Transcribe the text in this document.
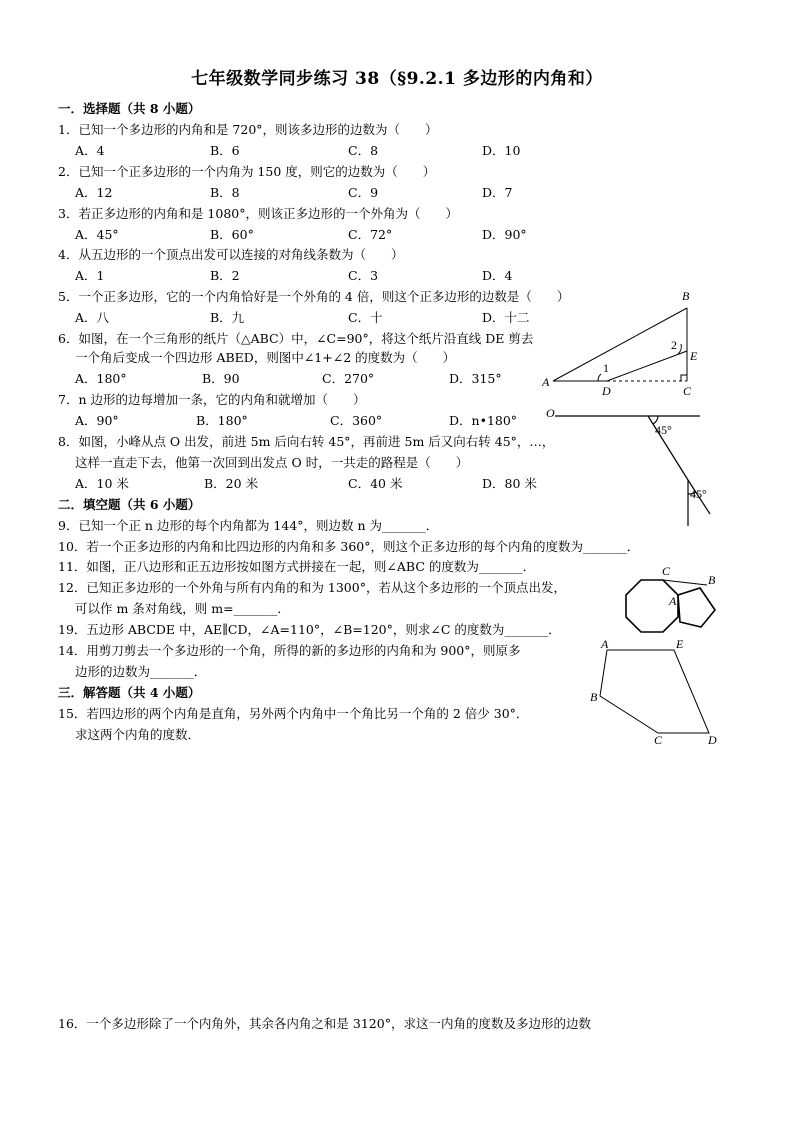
七年级数学同步练习 38（§9.2.1 多边形的内角和）
一．选择题（共 8 小题）
1．已知一个多边形的内角和是 720°，则该多边形的边数为（　　）
A．4	B．6	C．8	D．10
2．已知一个正多边形的一个内角为 150 度，则它的边数为（　　）
A．12	B．8	C．9	D．7
3．若正多边形的内角和是 1080°，则该正多边形的一个外角为（　　）
A．45°	B．60°	C．72°	D．90°
4．从五边形的一个顶点出发可以连接的对角线条数为（　　）
A．1	B．2	C．3	D．4
5．一个正多边形，它的一个内角恰好是一个外角的 4 倍，则这个正多边形的边数是（　　）
A．八	B．九	C．十	D．十二
6．如图，在一个三角形的纸片（△ABC）中，∠C=90°，将这个纸片沿直线 DE 剪去
一个角后变成一个四边形 ABED，则图中∠1+∠2 的度数为（　　）
A．180°	B．90	C．270°	D．315°
7．n 边形的边每增加一条，它的内角和就增加（　　）
A．90°	B．180°	C．360°	D．n•180°
8．如图，小峰从点 O 出发，前进 5m 后向右转 45°，再前进 5m 后又向右转 45°，…，
这样一直走下去，他第一次回到出发点 O 时，一共走的路程是（　　）
A．10 米	B．20 米	C．40 米	D．80 米
二．填空题（共 6 小题）
9．已知一个正 n 边形的每个内角都为 144°，则边数 n 为_______．
10．若一个正多边形的内角和比四边形的内角和多 360°，则这个正多边形的每个内角的度数为_______．
11．如图，正八边形和正五边形按如图方式拼接在一起，则∠ABC 的度数为_______．
12．已知正多边形的一个外角与所有内角的和为 1300°，若从这个多边形的一个顶点出发，
可以作 m 条对角线，则 m=_______．
19．五边形 ABCDE 中，AE∥CD，∠A=110°，∠B=120°，则求∠C 的度数为_______．
14．用剪刀剪去一个多边形的一个角，所得的新的多边形的内角和为 900°，则原多
边形的边数为_______．
三．解答题（共 4 小题）
15．若四边形的两个内角是直角，另外两个内角中一个角比另一个角的 2 倍少 30°．
求这两个内角的度数．
16．一个多边形除了一个内角外，其余各内角之和是 3120°，求这一内角的度数及多边形的边数
A
B
C
D
E
1
2
O
45°
45°
C
B
A
A	E
B
C	D
